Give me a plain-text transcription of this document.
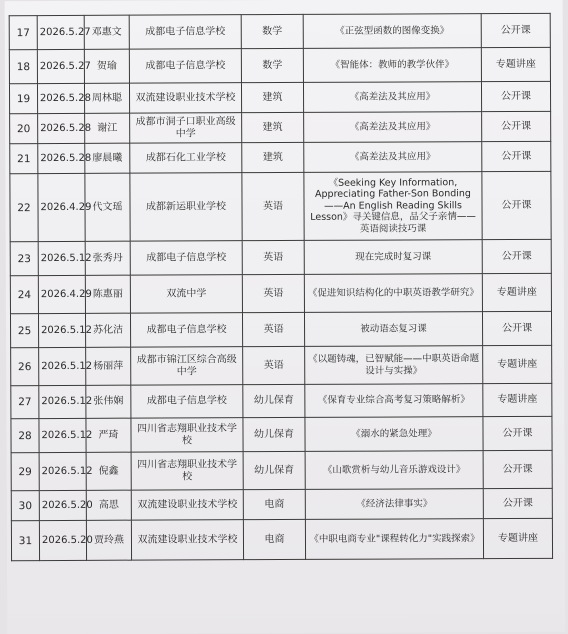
17	2026.5.27	邓惠文	成都电子信息学校	数学	《正弦型函数的图像变换》	公开课
18	2026.5.27	贺瑜	成都电子信息学校	数学	《智能体：教师的教学伙伴》	专题讲座
19	2026.5.28	周林聪	双流建设职业技术学校	建筑	《高差法及其应用》	公开课
20	2026.5.28	谢江	成都市洞子口职业高级中学	建筑	《高差法及其应用》	公开课
21	2026.5.28	廖晨曦	成都石化工业学校	建筑	《高差法及其应用》	公开课
22	2026.4.29	代文瑶	成都新运职业学校	英语	《Seeking Key Information, Appreciating Father-Son Bonding ——An English Reading Skills Lesson》寻关键信息，品父子亲情——英语阅读技巧课	公开课
23	2026.5.12	张秀丹	成都电子信息学校	英语	现在完成时复习课	公开课
24	2026.4.29	陈惠丽	双流中学	英语	《促进知识结构化的中职英语教学研究》	专题讲座
25	2026.5.12	苏化洁	成都电子信息学校	英语	被动语态复习课	公开课
26	2026.5.12	杨丽萍	成都市锦江区综合高级中学	英语	《以题铸魂，已智赋能——中职英语命题设计与实操》	专题讲座
27	2026.5.12	张伟娴	成都电子信息学校	幼儿保育	《保育专业综合高考复习策略解析》	专题讲座
28	2026.5.12	严琦	四川省志翔职业技术学校	幼儿保育	《溺水的紧急处理》	公开课
29	2026.5.12	倪鑫	四川省志翔职业技术学校	幼儿保育	《山歌赏析与幼儿音乐游戏设计》	公开课
30	2026.5.20	高思	双流建设职业技术学校	电商	《经济法律事实》	公开课
31	2026.5.20	贾玲燕	双流建设职业技术学校	电商	《中职电商专业"课程转化力"实践探索》	专题讲座
